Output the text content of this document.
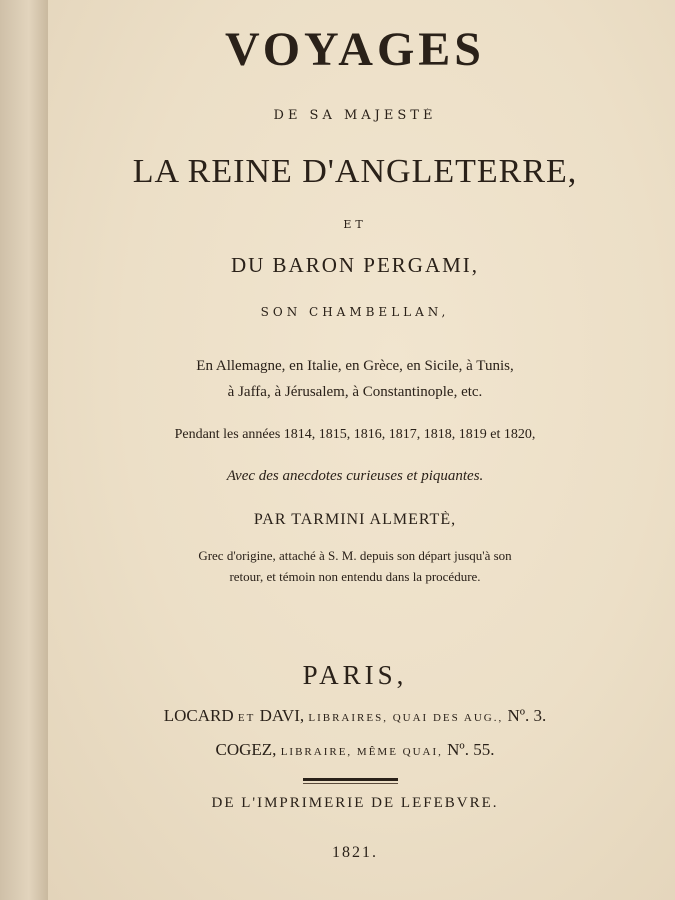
VOYAGES
DE SA MAJESTÉ
LA REINE D'ANGLETERRE,
ET
DU BARON PERGAMI,
SON CHAMBELLAN,
En Allemagne, en Italie, en Grèce, en Sicile, à Tunis,
à Jaffa, à Jérusalem, à Constantinople, etc.
Pendant les années 1814, 1815, 1816, 1817, 1818, 1819 et 1820,
Avec des anecdotes curieuses et piquantes.
PAR TARMINI ALMERTÈ,
Grec d'origine, attaché à S. M. depuis son départ jusqu'à son
retour, et témoin non entendu dans la procédure.
PARIS,
LOCARD ET DAVI, LIBRAIRES, QUAI DES AUG., Nº. 3.
COGEZ, LIBRAIRE, MÊME QUAI, Nº. 55.
DE L'IMPRIMERIE DE LEFEBVRE.
1821.
